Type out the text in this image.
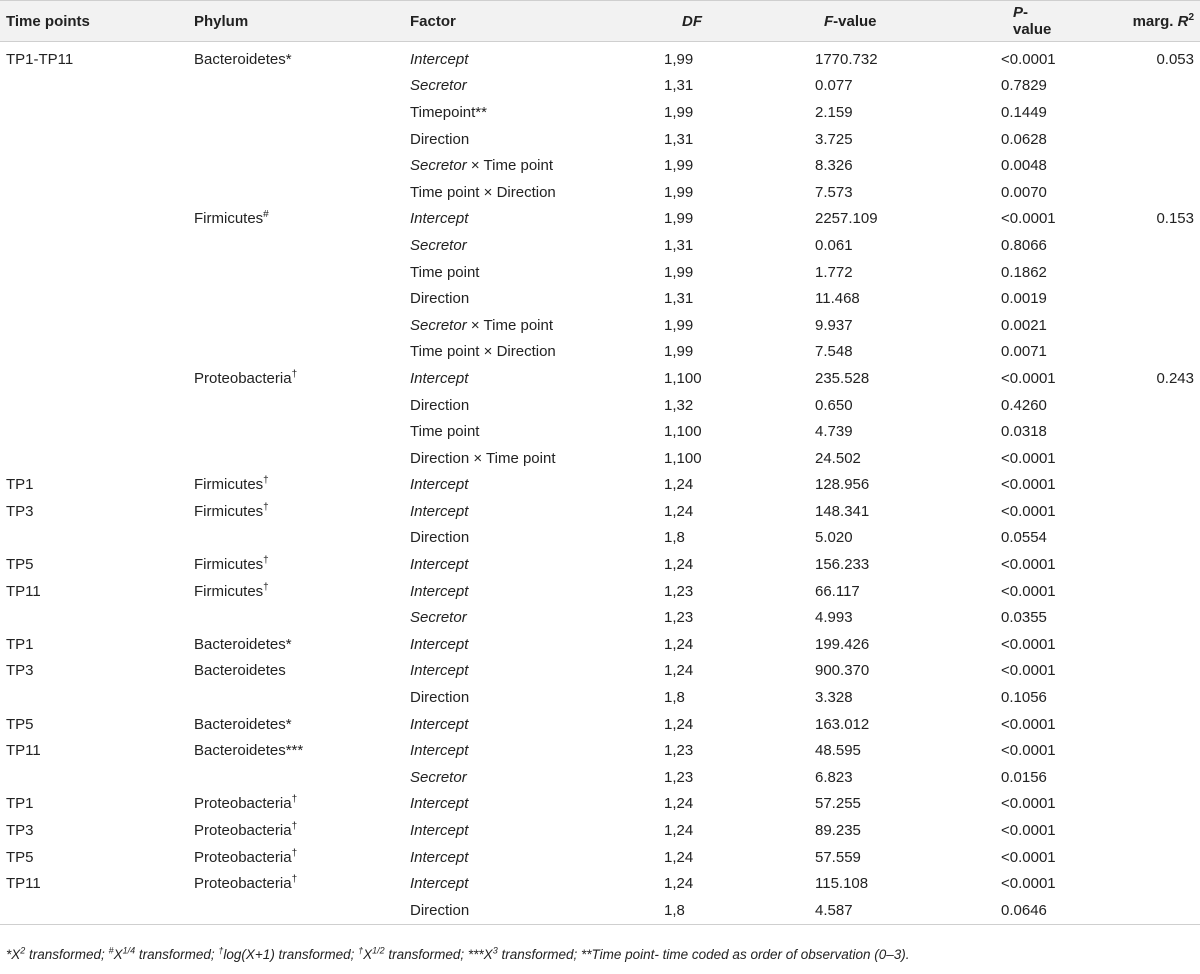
Time points	Phylum	Factor	DF	F-value	P-value	marg. $R^2$
TP1-TP11	Bacteroidetes*	Intercept	1,99	1770.732	<0.0001	0.053
		Secretor	1,31	0.077	0.7829	
		Timepoint**	1,99	2.159	0.1449	
		Direction	1,31	3.725	0.0628	
		Secretor × Time point	1,99	8.326	0.0048	
		Time point × Direction	1,99	7.573	0.0070	
	Firmicutes#	Intercept	1,99	2257.109	<0.0001	0.153
		Secretor	1,31	0.061	0.8066	
		Time point	1,99	1.772	0.1862	
		Direction	1,31	11.468	0.0019	
		Secretor × Time point	1,99	9.937	0.0021	
		Time point × Direction	1,99	7.548	0.0071	
	Proteobacteria†	Intercept	1,100	235.528	<0.0001	0.243
		Direction	1,32	0.650	0.4260	
		Time point	1,100	4.739	0.0318	
		Direction × Time point	1,100	24.502	<0.0001	
TP1	Firmicutes†	Intercept	1,24	128.956	<0.0001	
TP3	Firmicutes†	Intercept	1,24	148.341	<0.0001	
		Direction	1,8	5.020	0.0554	
TP5	Firmicutes†	Intercept	1,24	156.233	<0.0001	
TP11	Firmicutes†	Intercept	1,23	66.117	<0.0001	
		Secretor	1,23	4.993	0.0355	
TP1	Bacteroidetes*	Intercept	1,24	199.426	<0.0001	
TP3	Bacteroidetes	Intercept	1,24	900.370	<0.0001	
		Direction	1,8	3.328	0.1056	
TP5	Bacteroidetes*	Intercept	1,24	163.012	<0.0001	
TP11	Bacteroidetes***	Intercept	1,23	48.595	<0.0001	
		Secretor	1,23	6.823	0.0156	
TP1	Proteobacteria†	Intercept	1,24	57.255	<0.0001	
TP3	Proteobacteria†	Intercept	1,24	89.235	<0.0001	
TP5	Proteobacteria†	Intercept	1,24	57.559	<0.0001	
TP11	Proteobacteria†	Intercept	1,24	115.108	<0.0001	
		Direction	1,8	4.587	0.0646	
$*X^2$ transformed; $^{\#}X^{1/4}$ transformed; †log(X+1) transformed; $^\dagger X^{1/2}$ transformed; $***X^3$ transformed; **Time point- time coded as order of observation (0–3).
